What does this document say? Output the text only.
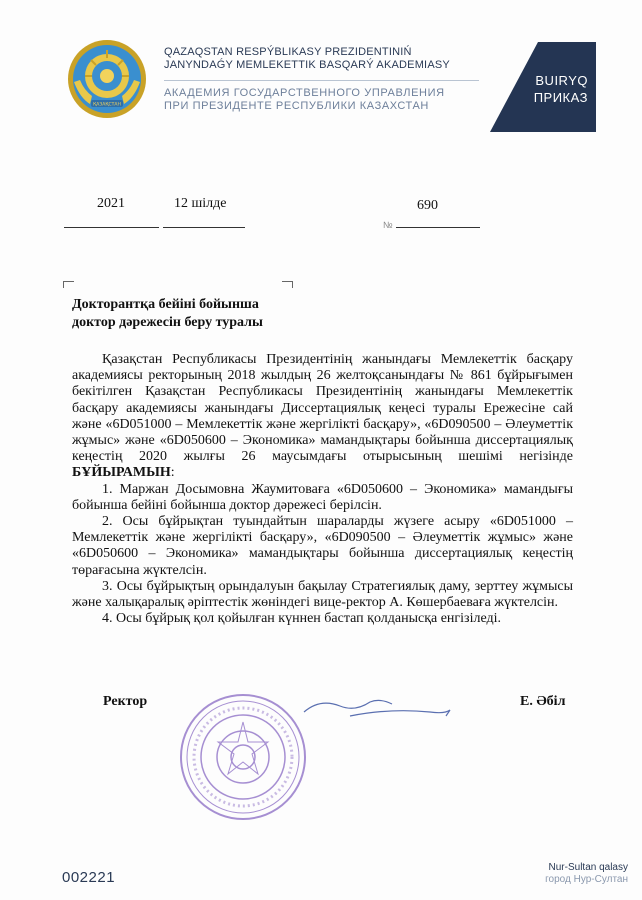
ҚАЗАҚСТАН
QAZAQSTAN RESPÝBLIKASY PREZIDENTINIŃ
JANYNDAǴY MEMLEKETTIK BASQARÝ AKADEMIASY
АКАДЕМИЯ ГОСУДАРСТВЕННОГО УПРАВЛЕНИЯ
ПРИ ПРЕЗИДЕНТЕ РЕСПУБЛИКИ КАЗАХСТАН
BUIRYQ
ПРИКАЗ
2021	12 шілде	690
№
Докторантқа бейіні бойынша
доктор дәрежесін беру туралы

Қазақстан Республикасы Президентінің жанындағы Мемлекеттік басқару академиясы ректорының 2018 жылдың 26 желтоқсанындағы № 861 бұйрығымен бекітілген Қазақстан Республикасы Президентінің жанындағы Мемлекеттік басқару академиясы жанындағы Диссертациялық кеңесі туралы Ережесіне сай және «6D051000 – Мемлекеттік және жергілікті басқару», «6D090500 – Әлеуметтік жұмыс» және «6D050600 – Экономика» мамандықтары бойынша диссертациялық кеңестің 2020 жылғы 26 маусымдағы отырысының шешімі негізінде БҰЙЫРАМЫН:

1. Маржан Досымовна Жаумитоваға «6D050600 – Экономика» мамандығы бойынша бейіні бойынша доктор дәрежесі берілсін.

2. Осы бұйрықтан туындайтын шараларды жүзеге асыру «6D051000 – Мемлекеттік және жергілікті басқару», «6D090500 – Әлеуметтік жұмыс» және «6D050600 – Экономика» мамандықтары бойынша диссертациялық кеңестің төрағасына жүктелсін.

3. Осы бұйрықтың орындалуын бақылау Стратегиялық даму, зерттеу жұмысы және халықаралық әріптестік жөніндегі вице-ректор А. Көшербаеваға жүктелсін.

4. Осы бұйрық қол қойылған күннен бастап қолданысқа енгізіледі.

Ректор	Е. Әбіл
002221
Nur-Sultan qalasy
город Нур-Султан
